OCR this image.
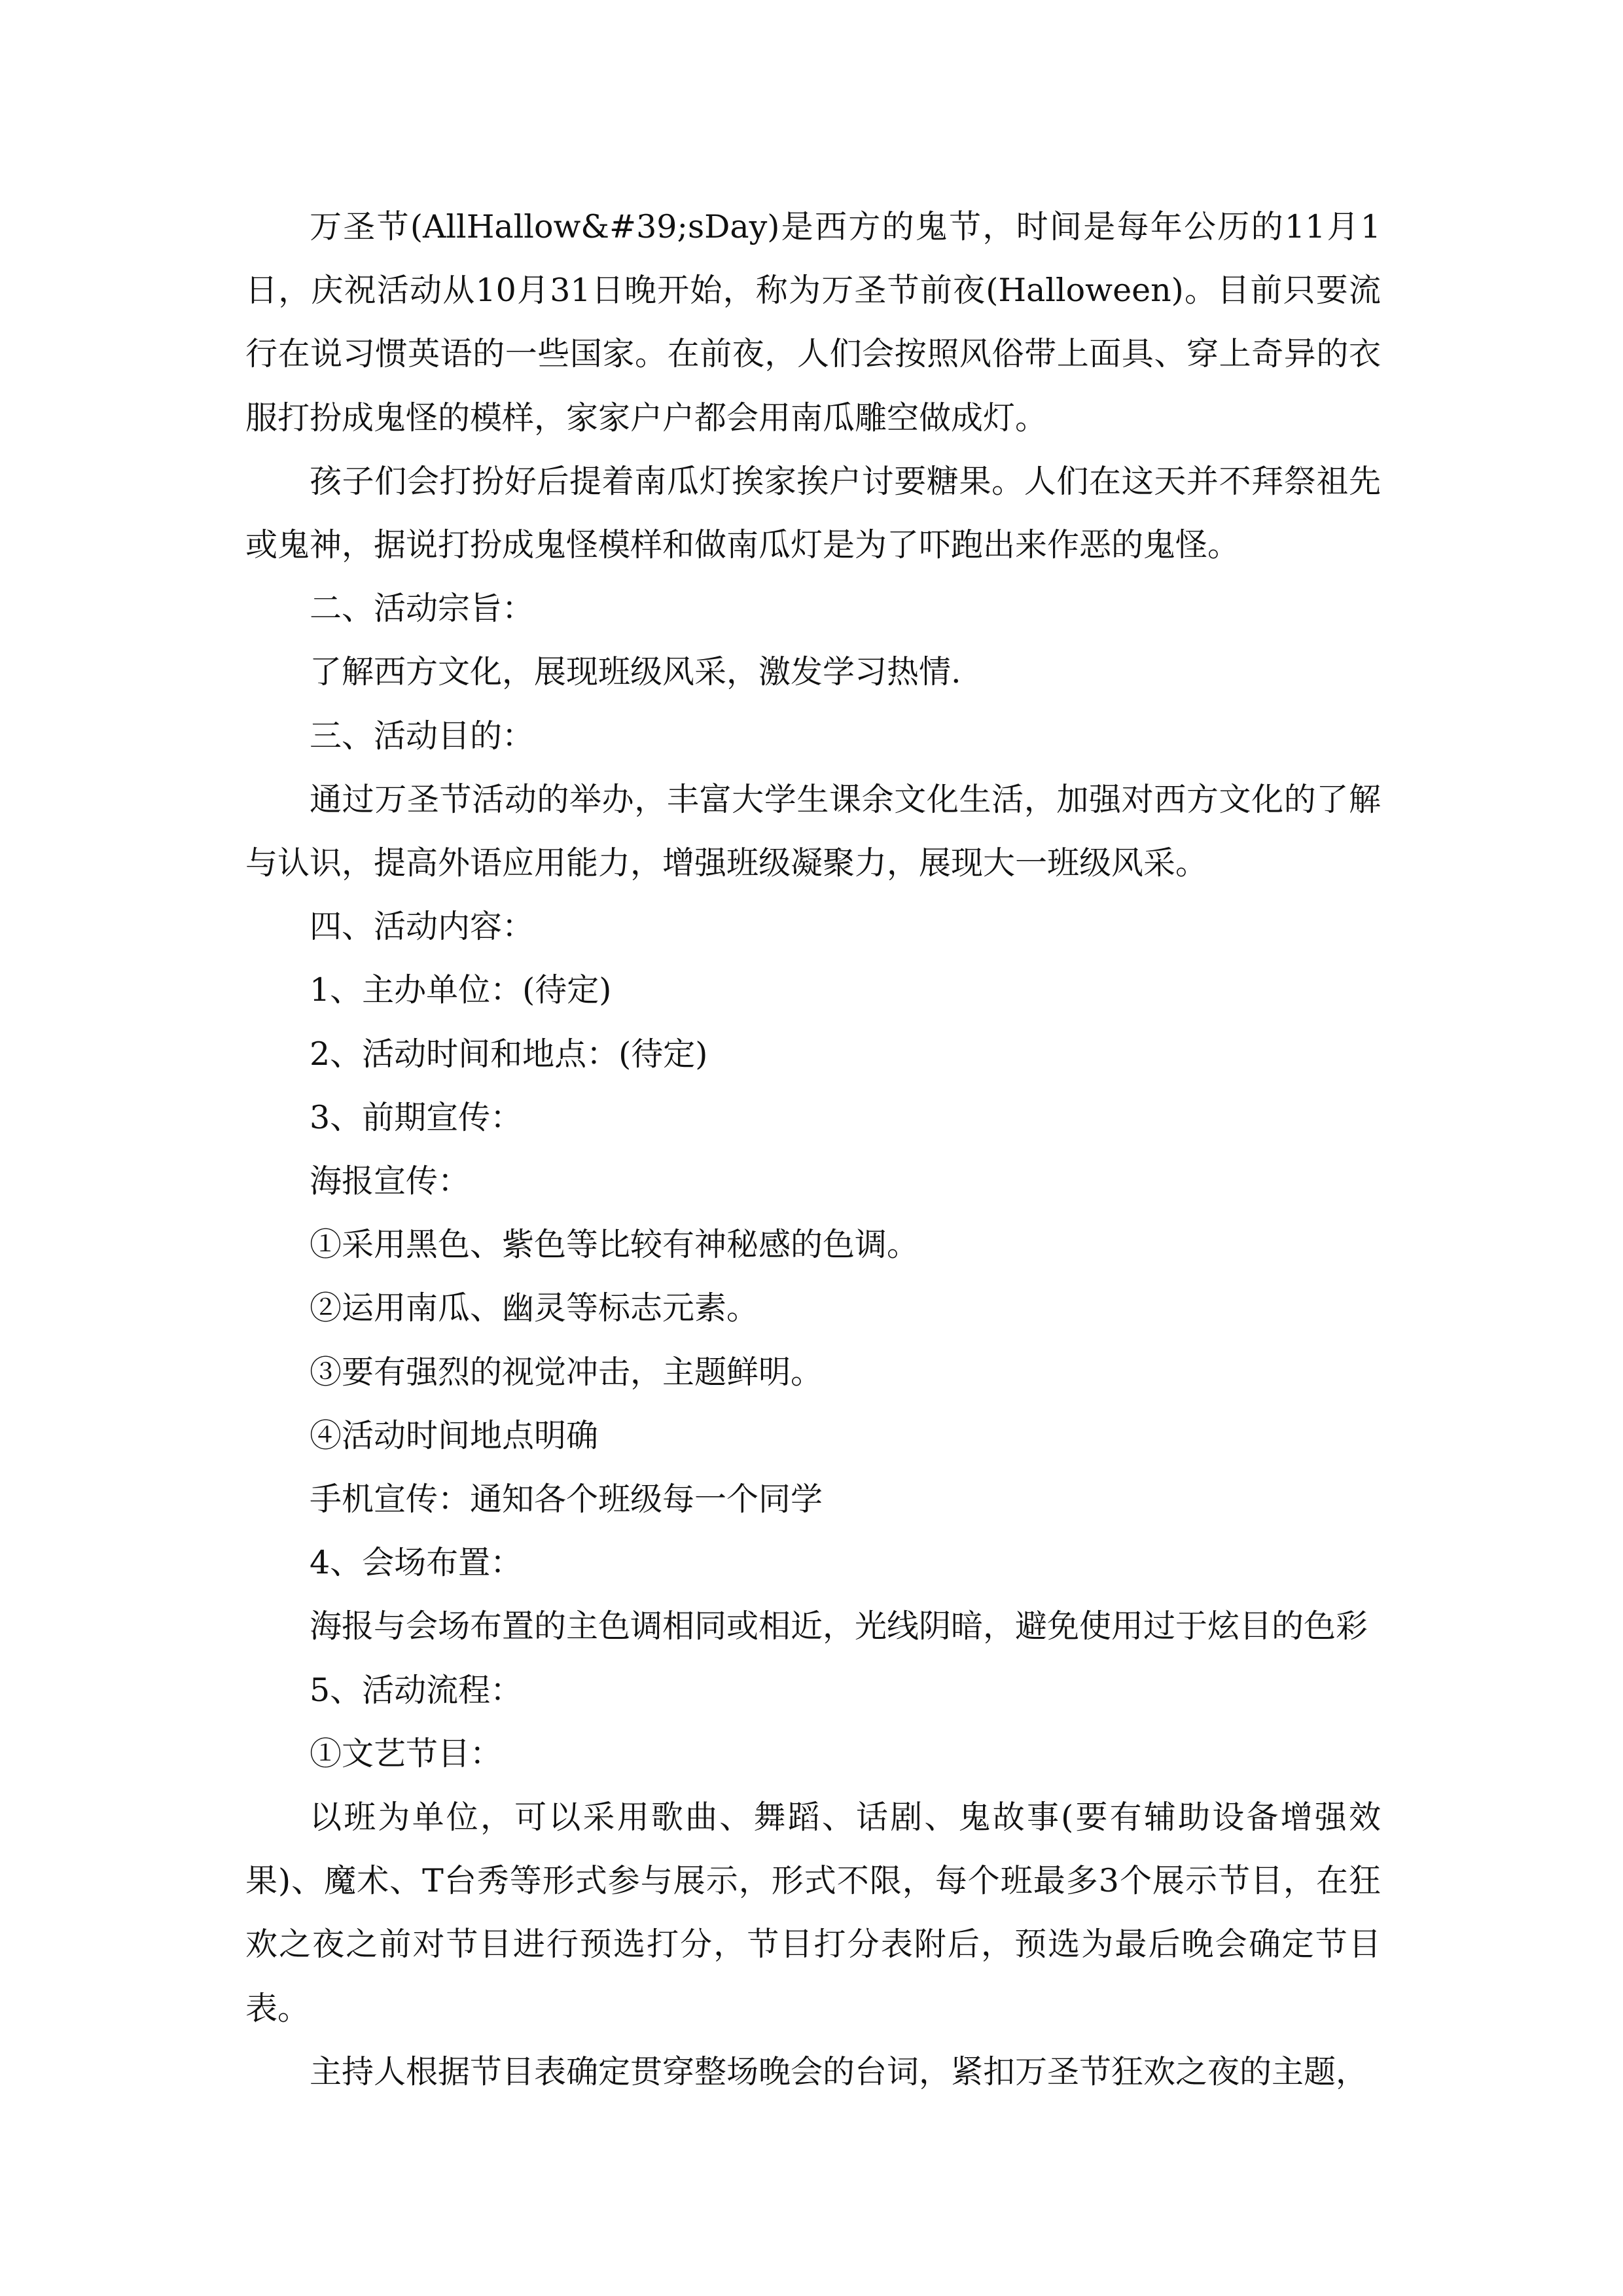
万圣节(AllHallow&#39;sDay)是西方的鬼节，时间是每年公历的11月1日，庆祝活动从10月31日晚开始，称为万圣节前夜(Halloween)。目前只要流行在说习惯英语的一些国家。在前夜，人们会按照风俗带上面具、穿上奇异的衣服打扮成鬼怪的模样，家家户户都会用南瓜雕空做成灯。

孩子们会打扮好后提着南瓜灯挨家挨户讨要糖果。人们在这天并不拜祭祖先或鬼神，据说打扮成鬼怪模样和做南瓜灯是为了吓跑出来作恶的鬼怪。

二、活动宗旨：

了解西方文化，展现班级风采，激发学习热情.

三、活动目的：

通过万圣节活动的举办，丰富大学生课余文化生活，加强对西方文化的了解与认识，提高外语应用能力，增强班级凝聚力，展现大一班级风采。

四、活动内容：

1、主办单位：(待定)

2、活动时间和地点：(待定)

3、前期宣传：

海报宣传：

①采用黑色、紫色等比较有神秘感的色调。

②运用南瓜、幽灵等标志元素。

③要有强烈的视觉冲击，主题鲜明。

④活动时间地点明确

手机宣传：通知各个班级每一个同学

4、会场布置：

海报与会场布置的主色调相同或相近，光线阴暗，避免使用过于炫目的色彩

5、活动流程：

①文艺节目：

以班为单位，可以采用歌曲、舞蹈、话剧、鬼故事(要有辅助设备增强效果)、魔术、T台秀等形式参与展示，形式不限，每个班最多3个展示节目，在狂欢之夜之前对节目进行预选打分，节目打分表附后，预选为最后晚会确定节目表。

主持人根据节目表确定贯穿整场晚会的台词，紧扣万圣节狂欢之夜的主题，
